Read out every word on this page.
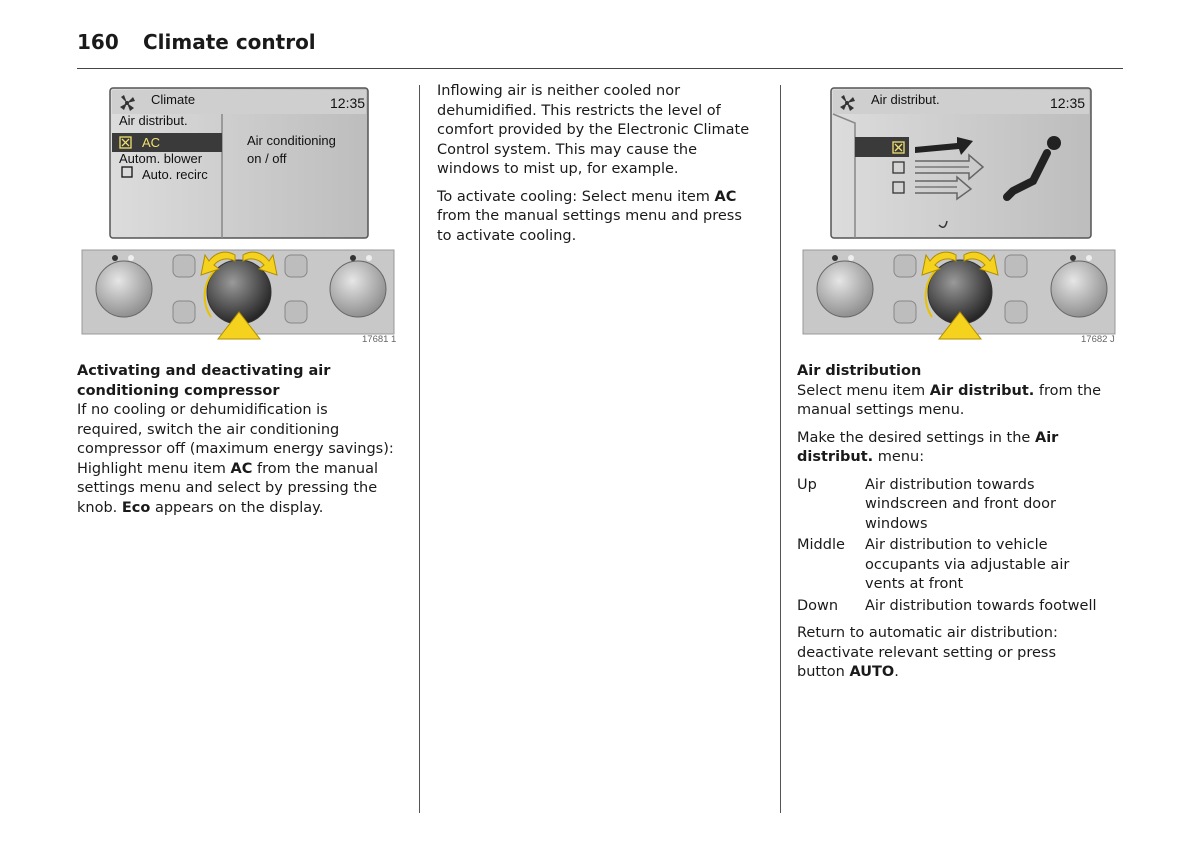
160 Climate control
Climate	12:35
Air distribut.
AC
Autom. blower
Auto. recirc
Air conditioning
on / off
17681 1
Activating and deactivating air
conditioning compressor
If no cooling or dehumidification is
required, switch the air conditioning
compressor off (maximum energy savings):
Highlight menu item AC from the manual
settings menu and select by pressing the
knob. Eco appears on the display.

Inflowing air is neither cooled nor
dehumidified. This restricts the level of
comfort provided by the Electronic Climate
Control system. This may cause the
windows to mist up, for example.

To activate cooling: Select menu item AC
from the manual settings menu and press
to activate cooling.

Air distribut.	12:35
17682 J
Air distribution

Select menu item Air distribut. from the
manual settings menu.

Make the desired settings in the Air
distribut. menu:

Up	Air distribution towards
windscreen and front door
windows
Middle	Air distribution to vehicle
occupants via adjustable air
vents at front
Down	Air distribution towards footwell

Return to automatic air distribution:
deactivate relevant setting or press
button AUTO.
